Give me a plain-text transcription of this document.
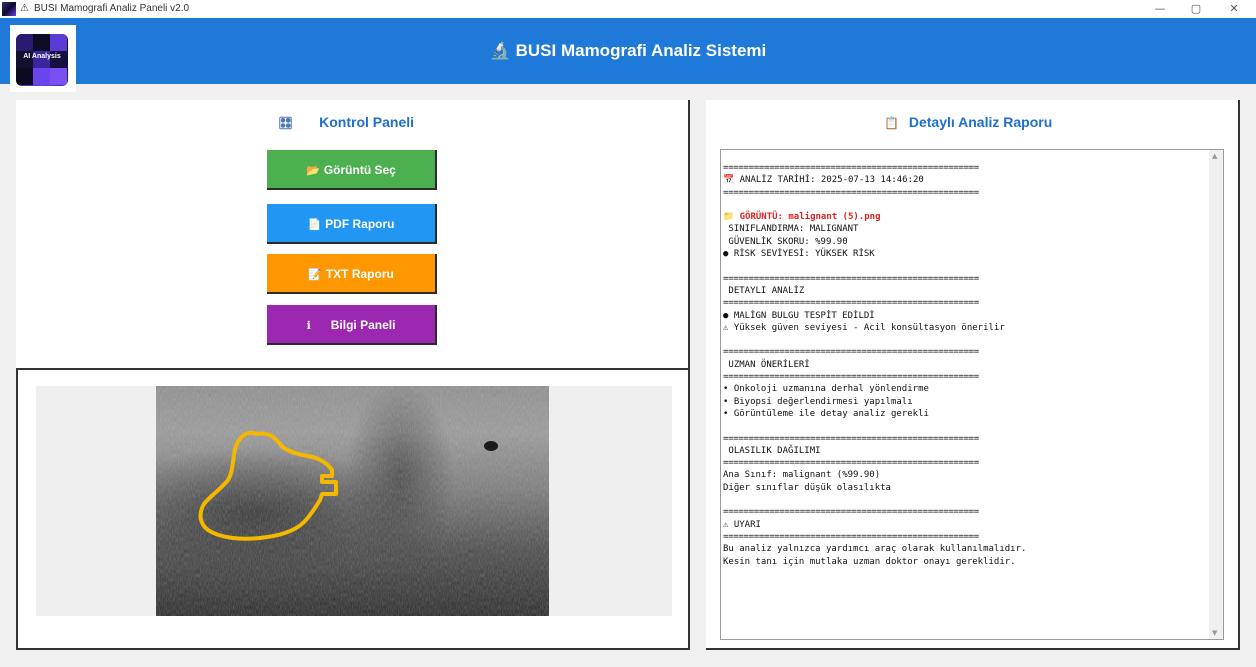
⚠ BUSI Mamografi Analiz Paneli v2.0	—	▢	✕
🔬 BUSI Mamografi Analiz Sistemi
AI Analysis
🎛 Kontrol Paneli
📂 Görüntü Seç
📄 PDF Raporu
📝 TXT Raporu
ℹ Bilgi Paneli
📋 Detaylı Analiz Raporu
==================================================
📅 ANALİZ TARİHİ: 2025-07-13 14:46:20
==================================================

📁 GÖRÜNTÜ: malignant (5).png
SINIFLANDIRMA: MALIGNANT
GÜVENLİK SKORU: %99.90
● RİSK SEVİYESİ: YÜKSEK RİSK

==================================================
DETAYLI ANALİZ
==================================================
● MALİGN BULGU TESPİT EDİLDİ
⚠ Yüksek güven seviyesi - Acil konsültasyon önerilir

==================================================
UZMAN ÖNERİLERİ
==================================================
• Onkoloji uzmanına derhal yönlendirme
• Biyopsi değerlendirmesi yapılmalı
• Görüntüleme ile detay analiz gerekli

==================================================
OLASILIK DAĞILIMI
==================================================
Ana Sınıf: malignant (%99.90)
Diğer sınıflar düşük olasılıkta

==================================================
⚠ UYARI
==================================================
Bu analiz yalnızca yardımcı araç olarak kullanılmalıdır.
Kesin tanı için mutlaka uzman doktor onayı gereklidir.
▲
▼
